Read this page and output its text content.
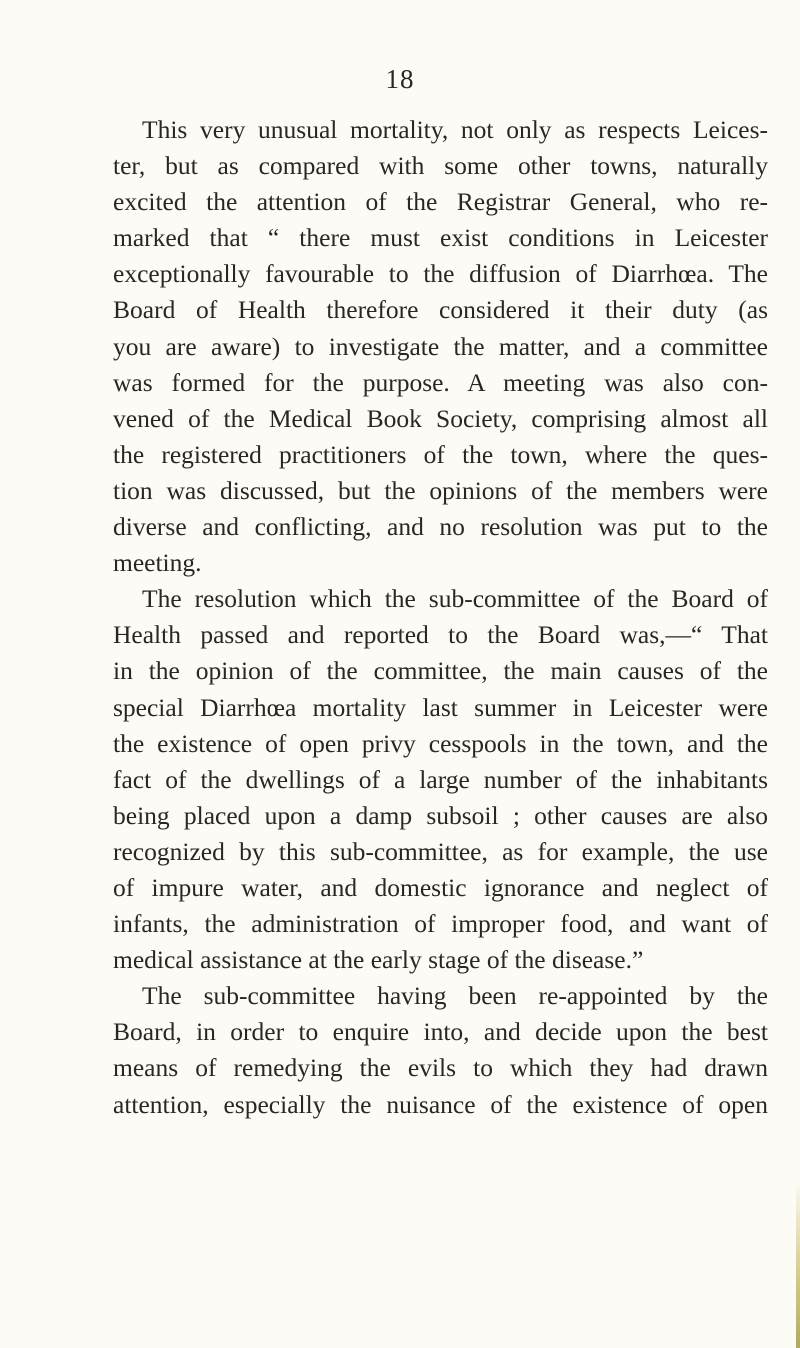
18
This very unusual mortality, not only as respects Leices-
ter, but as compared with some other towns, naturally
excited the attention of the Registrar General, who re-
marked that “ there must exist conditions in Leicester
exceptionally favourable to the diffusion of Diarrhœa. The
Board of Health therefore considered it their duty (as
you are aware) to investigate the matter, and a committee
was formed for the purpose. A meeting was also con-
vened of the Medical Book Society, comprising almost all
the registered practitioners of the town, where the ques-
tion was discussed, but the opinions of the members were
diverse and conflicting, and no resolution was put to the
meeting.
The resolution which the sub-committee of the Board of
Health passed and reported to the Board was,—“ That
in the opinion of the committee, the main causes of the
special Diarrhœa mortality last summer in Leicester were
the existence of open privy cesspools in the town, and the
fact of the dwellings of a large number of the inhabitants
being placed upon a damp subsoil ; other causes are also
recognized by this sub-committee, as for example, the use
of impure water, and domestic ignorance and neglect of
infants, the administration of improper food, and want of
medical assistance at the early stage of the disease.”
The sub-committee having been re-appointed by the
Board, in order to enquire into, and decide upon the best
means of remedying the evils to which they had drawn
attention, especially the nuisance of the existence of open
